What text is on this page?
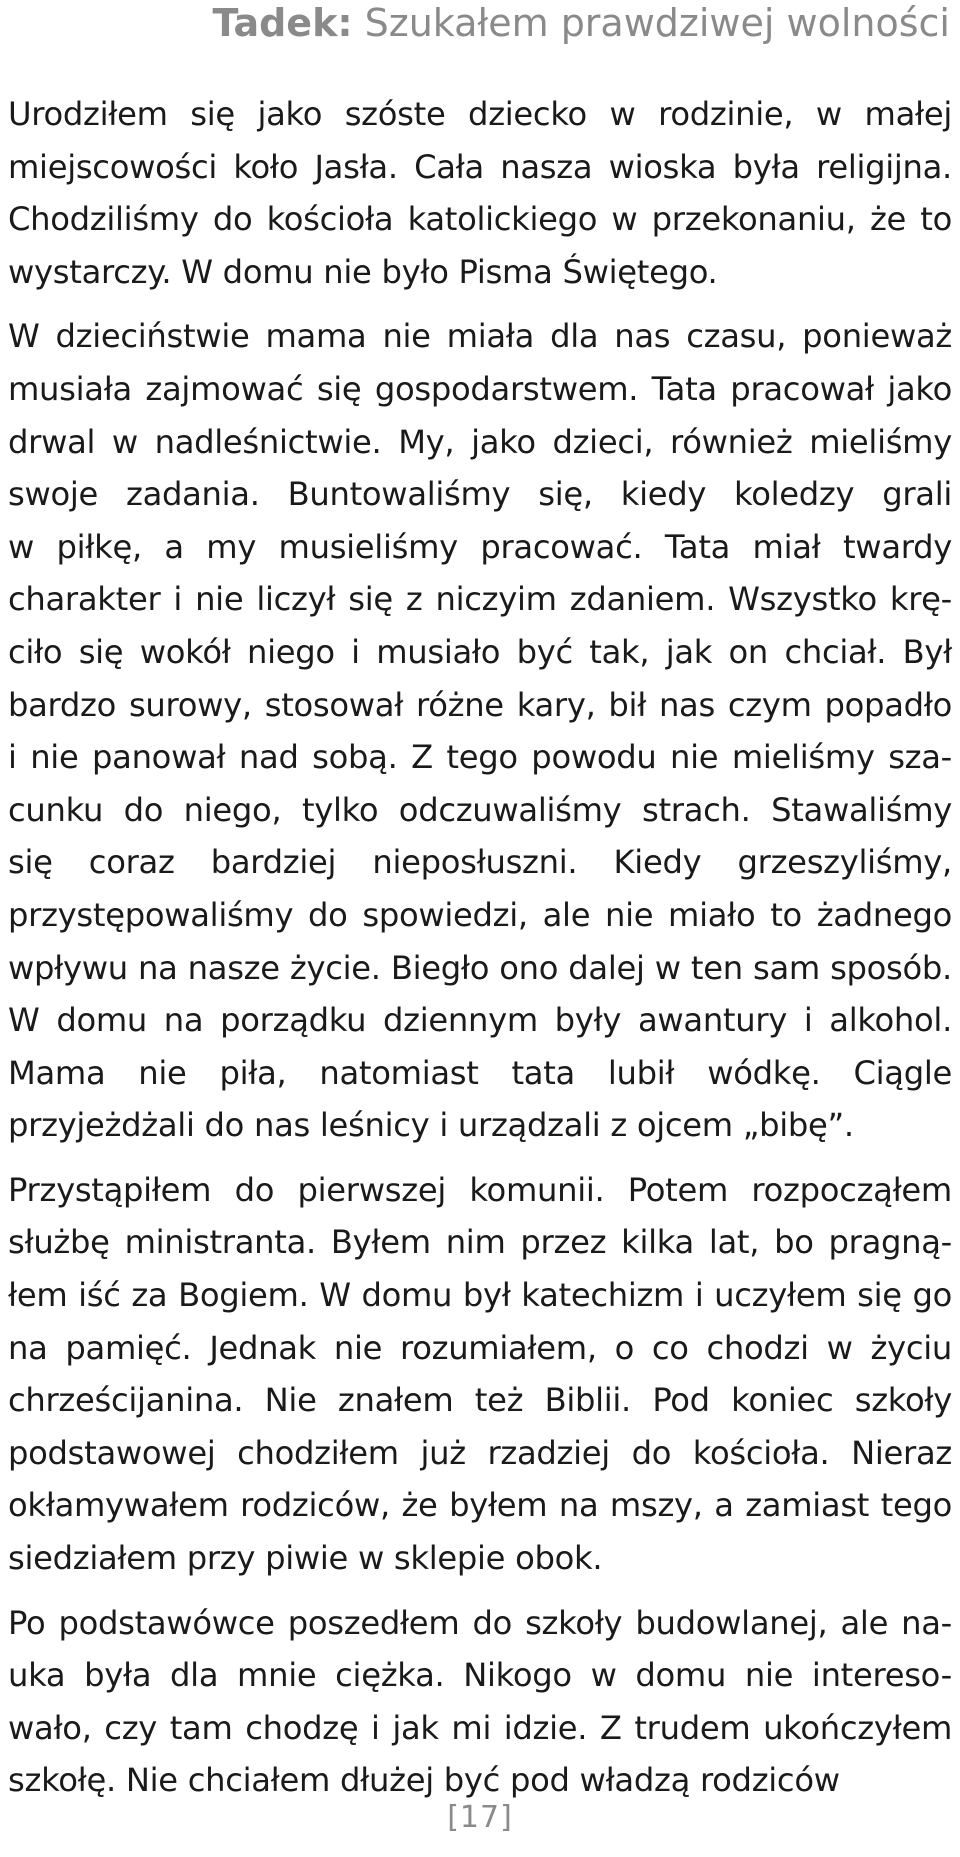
Tadek: Szukałem prawdziwej wolności

Urodziłem się jako szóste dziecko w rodzinie, w małej
miejscowości koło Jasła. Cała nasza wioska była religijna.
Chodziliśmy do kościoła katolickiego w przekonaniu, że to
wystarczy. W domu nie było Pisma Świętego.

W dzieciństwie mama nie miała dla nas czasu, ponieważ
musiała zajmować się gospodarstwem. Tata pracował jako
drwal w nadleśnictwie. My, jako dzieci, również mieliśmy
swoje zadania. Buntowaliśmy się, kiedy koledzy grali
w piłkę, a my musieliśmy pracować. Tata miał twardy
charakter i nie liczył się z niczyim zdaniem. Wszystko krę-
ciło się wokół niego i musiało być tak, jak on chciał. Był
bardzo surowy, stosował różne kary, bił nas czym popadło
i nie panował nad sobą. Z tego powodu nie mieliśmy sza-
cunku do niego, tylko odczuwaliśmy strach. Stawaliśmy
się coraz bardziej nieposłuszni. Kiedy grzeszyliśmy,
przystępowaliśmy do spowiedzi, ale nie miało to żadnego
wpływu na nasze życie. Biegło ono dalej w ten sam sposób.
W domu na porządku dziennym były awantury i alkohol.
Mama nie piła, natomiast tata lubił wódkę. Ciągle
przyjeżdżali do nas leśnicy i urządzali z ojcem „bibę”.

Przystąpiłem do pierwszej komunii. Potem rozpocząłem
służbę ministranta. Byłem nim przez kilka lat, bo pragną-
łem iść za Bogiem. W domu był katechizm i uczyłem się go
na pamięć. Jednak nie rozumiałem, o co chodzi w życiu
chrześcijanina. Nie znałem też Biblii. Pod koniec szkoły
podstawowej chodziłem już rzadziej do kościoła. Nieraz
okłamywałem rodziców, że byłem na mszy, a zamiast tego
siedziałem przy piwie w sklepie obok.

Po podstawówce poszedłem do szkoły budowlanej, ale na-
uka była dla mnie ciężka. Nikogo w domu nie intereso-
wało, czy tam chodzę i jak mi idzie. Z trudem ukończyłem
szkołę. Nie chciałem dłużej być pod władzą rodziców

[17]
